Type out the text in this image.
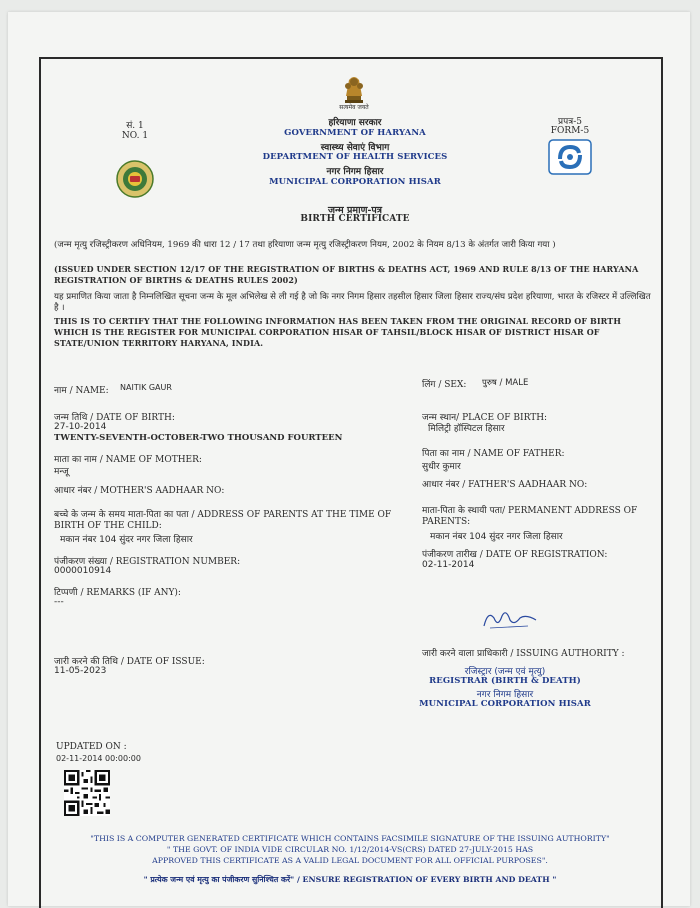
सत्यमेव जयते
सं. 1
NO. 1
हरियाणा सरकार
GOVERNMENT OF HARYANA
स्वास्थ्य सेवाएं विभाग
DEPARTMENT OF HEALTH SERVICES
नगर निगम हिसार
MUNICIPAL CORPORATION HISAR
प्रपत्र-5
FORM-5
जन्म प्रमाण-पत्र
BIRTH CERTIFICATE
(जन्म मृत्यु रजिस्ट्रीकरण अधिनियम, 1969 की धारा 12 / 17 तथा हरियाणा जन्म मृत्यु रजिस्ट्रीकरण नियम, 2002 के नियम 8/13 के अंतर्गत जारी किया गया )
(ISSUED UNDER SECTION 12/17 OF THE REGISTRATION OF BIRTHS & DEATHS ACT, 1969 AND RULE 8/13 OF THE HARYANA REGISTRATION OF BIRTHS & DEATHS RULES 2002)
यह प्रमाणित किया जाता है निम्नलिखित सूचना जन्म के मूल अभिलेख से ली गई है जो कि नगर निगम हिसार तहसील हिसार जिला हिसार राज्य/संघ प्रदेश हरियाणा, भारत के रजिस्टर में उल्लिखित है ।
THIS IS TO CERTIFY THAT THE FOLLOWING INFORMATION HAS BEEN TAKEN FROM THE ORIGINAL RECORD OF BIRTH WHICH IS THE REGISTER FOR MUNICIPAL CORPORATION HISAR OF TAHSIL/BLOCK HISAR OF DISTRICT HISAR OF STATE/UNION TERRITORY HARYANA, INDIA.
नाम / NAME: NAITIK GAUR	लिंग / SEX: पुरुष / MALE
जन्म तिथि / DATE OF BIRTH:
27-10-2014
TWENTY-SEVENTH-OCTOBER-TWO THOUSAND FOURTEEN
जन्म स्थान/ PLACE OF BIRTH:
मिलिट्री हॉस्पिटल हिसार
माता का नाम / NAME OF MOTHER:
मन्जू
पिता का नाम / NAME OF FATHER:
सुधीर कुमार
आधार नंबर / MOTHER'S AADHAAR NO:
आधार नंबर / FATHER'S AADHAAR NO:
बच्चे के जन्म के समय माता-पिता का पता / ADDRESS OF PARENTS AT THE TIME OF BIRTH OF THE CHILD:
मकान नंबर 104 सुंदर नगर जिला हिसार
माता-पिता के स्थायी पता/ PERMANENT ADDRESS OF PARENTS:
मकान नंबर 104 सुंदर नगर जिला हिसार
पंजीकरण संख्या / REGISTRATION NUMBER:
0000010914
पंजीकरण तारीख / DATE OF REGISTRATION:
02-11-2014
टिप्पणी / REMARKS (IF ANY):
---
जारी करने की तिथि / DATE OF ISSUE:
11-05-2023
जारी करने वाला प्राधिकारी / ISSUING AUTHORITY :
रजिस्ट्रार (जन्म एवं मृत्यु)
REGISTRAR (BIRTH & DEATH)
नगर निगम हिसार
MUNICIPAL CORPORATION HISAR
UPDATED ON :
02-11-2014 00:00:00
"THIS IS A COMPUTER GENERATED CERTIFICATE WHICH CONTAINS FACSIMILE SIGNATURE OF THE ISSUING AUTHORITY"
" THE GOVT. OF INDIA VIDE CIRCULAR NO. 1/12/2014-VS(CRS) DATED 27-JULY-2015 HAS
APPROVED THIS CERTIFICATE AS A VALID LEGAL DOCUMENT FOR ALL OFFICIAL PURPOSES".
" प्रत्येक जन्म एवं मृत्यु का पंजीकरण सुनिश्चित करें" / ENSURE REGISTRATION OF EVERY BIRTH AND DEATH "
